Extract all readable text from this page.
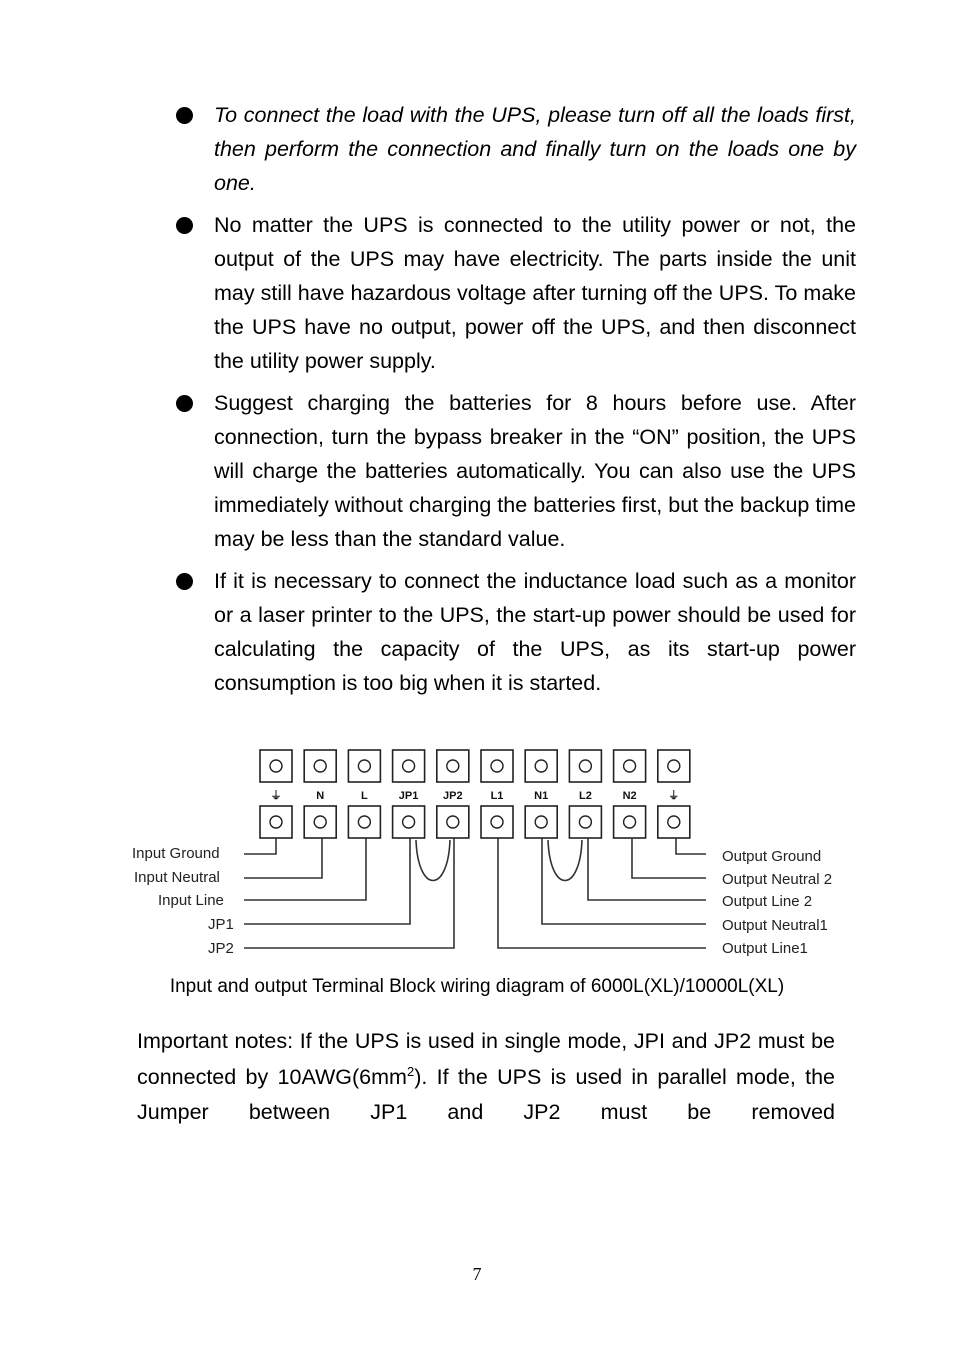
To connect the load with the UPS, please turn off all the loads first, then perform the connection and finally turn on the loads one by one.
No matter the UPS is connected to the utility power or not, the output of the UPS may have electricity. The parts inside the unit may still have hazardous voltage after turning off the UPS. To make the UPS have no output, power off the UPS, and then disconnect the utility power supply.
Suggest charging the batteries for 8 hours before use. After connection, turn the bypass breaker in the “ON” position, the UPS will charge the batteries automatically. You can also use the UPS immediately without charging the batteries first, but the backup time may be less than the standard value.
If it is necessary to connect the inductance load such as a monitor or a laser printer to the UPS, the start-up power should be used for calculating the capacity of the UPS, as its start-up power consumption is too big when it is started.
⏚	N	L	JP1 JP2	L1	N1	L2	N2	⏚
Input Ground
Input Neutral
Input Line
JP1
JP2
Output Ground
Output Neutral 2
Output Line 2
Output Neutral1
Output Line1
Input and output Terminal Block wiring diagram of 6000L(XL)/10000L(XL)
Important notes: If the UPS is used in single mode, JPI and JP2 must be connected by $10AWG(6mm^2)$. If the UPS is used in parallel mode, the Jumper between JP1 and JP2 must be removed
7
